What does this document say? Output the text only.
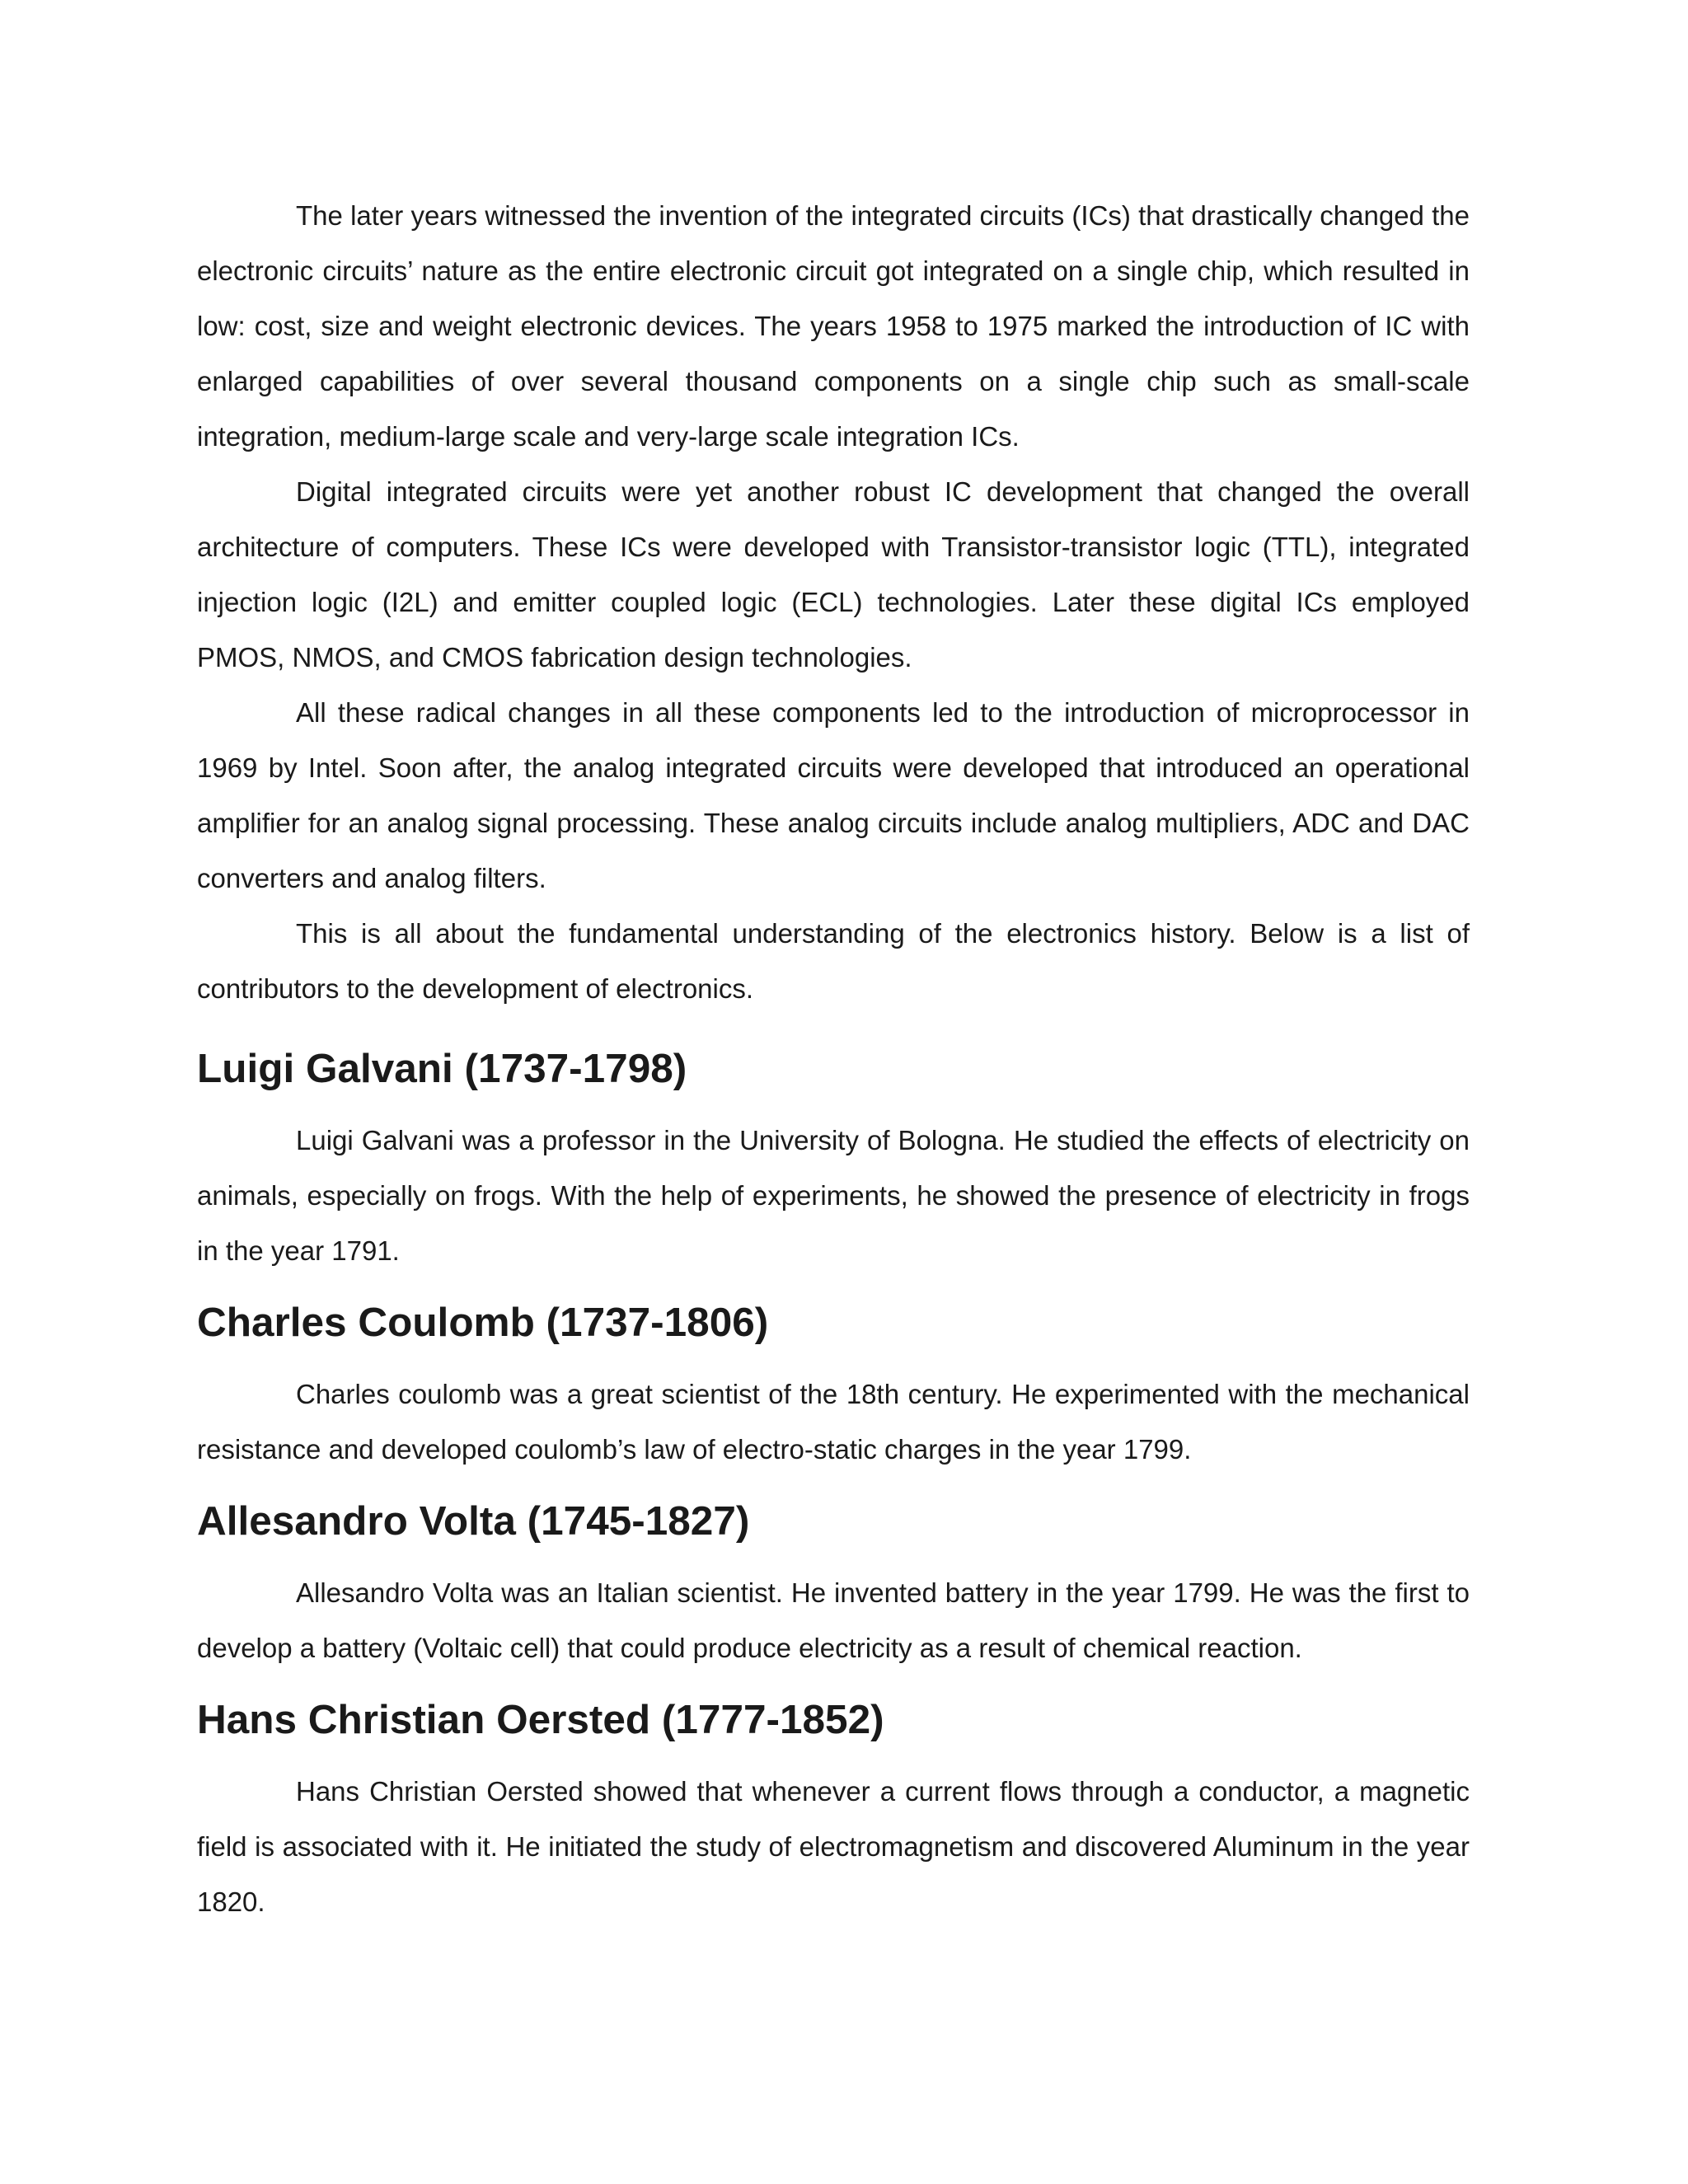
The later years witnessed the invention of the integrated circuits (ICs) that drastically changed the electronic circuits’ nature as the entire electronic circuit got integrated on a single chip, which resulted in low: cost, size and weight electronic devices. The years 1958 to 1975 marked the introduction of IC with enlarged capabilities of over several thousand components on a single chip such as small-scale integration, medium-large scale and very-large scale integration ICs.

Digital integrated circuits were yet another robust IC development that changed the overall architecture of computers. These ICs were developed with Transistor-transistor logic (TTL), integrated injection logic (I2L) and emitter coupled logic (ECL) technologies. Later these digital ICs employed PMOS, NMOS, and CMOS fabrication design technologies.

All these radical changes in all these components led to the introduction of microprocessor in 1969 by Intel. Soon after, the analog integrated circuits were developed that introduced an operational amplifier for an analog signal processing. These analog circuits include analog multipliers, ADC and DAC converters and analog filters.

This is all about the fundamental understanding of the electronics history. Below is a list of contributors to the development of electronics.

Luigi Galvani (1737-1798)

Luigi Galvani was a professor in the University of Bologna. He studied the effects of electricity on animals, especially on frogs. With the help of experiments, he showed the presence of electricity in frogs in the year 1791.

Charles Coulomb (1737-1806)

Charles coulomb was a great scientist of the 18th century. He experimented with the mechanical resistance and developed coulomb’s law of electro-static charges in the year 1799.

Allesandro Volta (1745-1827)

Allesandro Volta was an Italian scientist. He invented battery in the year 1799. He was the first to develop a battery (Voltaic cell) that could produce electricity as a result of chemical reaction.

Hans Christian Oersted (1777-1852)

Hans Christian Oersted showed that whenever a current flows through a conductor, a magnetic field is associated with it. He initiated the study of electromagnetism and discovered Aluminum in the year 1820.
